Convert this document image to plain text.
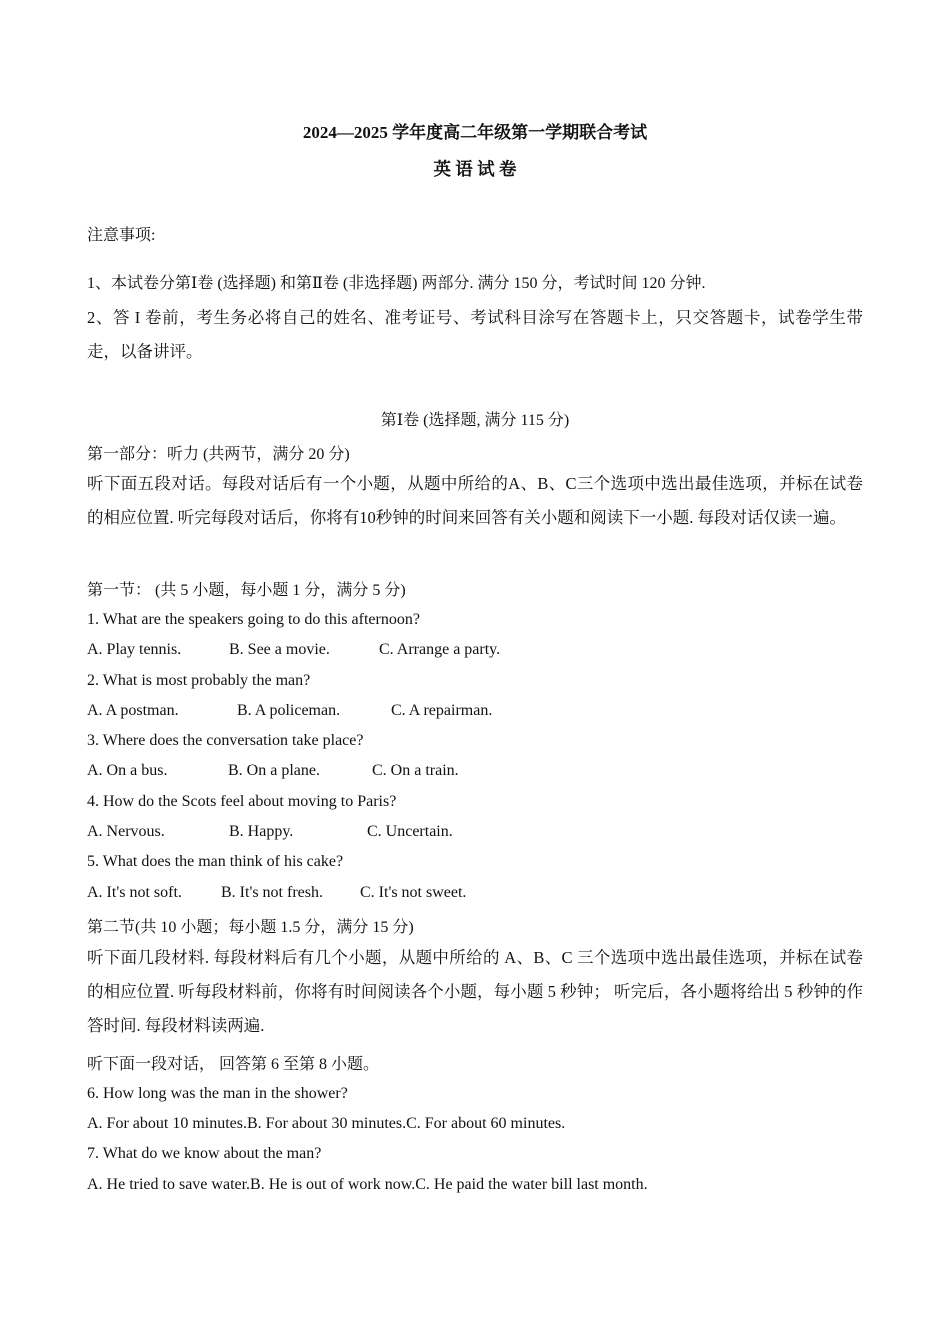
2024—2025 学年度高二年级第一学期联合考试
英 语 试 卷
注意事项:
1、本试卷分第Ⅰ卷 (选择题) 和第Ⅱ卷 (非选择题) 两部分. 满分 150 分，考试时间 120 分钟.
2、答 I 卷前，考生务必将自己的姓名、准考证号、考试科目涂写在答题卡上，只交答题卡，试卷学生带走，以备讲评。
第Ⅰ卷 (选择题, 满分 115 分)
第一部分：听力 (共两节，满分 20 分)
听下面五段对话。每段对话后有一个小题，从题中所给的A、B、C三个选项中选出最佳选项，并标在试卷的相应位置. 听完每段对话后，你将有10秒钟的时间来回答有关小题和阅读下一小题. 每段对话仅读一遍。
第一节： (共 5 小题，每小题 1 分，满分 5 分)
1. What are the speakers going to do this afternoon?
A. Play tennis.	B. See a movie.	C. Arrange a party.
2. What is most probably the man?
A. A postman.	B. A policeman.	C. A repairman.
3. Where does the conversation take place?
A. On a bus.	B. On a plane.	C. On a train.
4. How do the Scots feel about moving to Paris?
A. Nervous.	B. Happy.	C. Uncertain.
5. What does the man think of his cake?
A. It's not soft. B. It's not fresh. C. It's not sweet.
第二节(共 10 小题；每小题 1.5 分，满分 15 分)
听下面几段材料. 每段材料后有几个小题，从题中所给的 A、B、C 三个选项中选出最佳选项，并标在试卷的相应位置. 听每段材料前，你将有时间阅读各个小题，每小题 5 秒钟； 听完后，各小题将给出 5 秒钟的作答时间. 每段材料读两遍.
听下面一段对话， 回答第 6 至第 8 小题。
6. How long was the man in the shower?
A. For about 10 minutes.B. For about 30 minutes.C. For about 60 minutes.
7. What do we know about the man?
A. He tried to save water.B. He is out of work now.C. He paid the water bill last month.
